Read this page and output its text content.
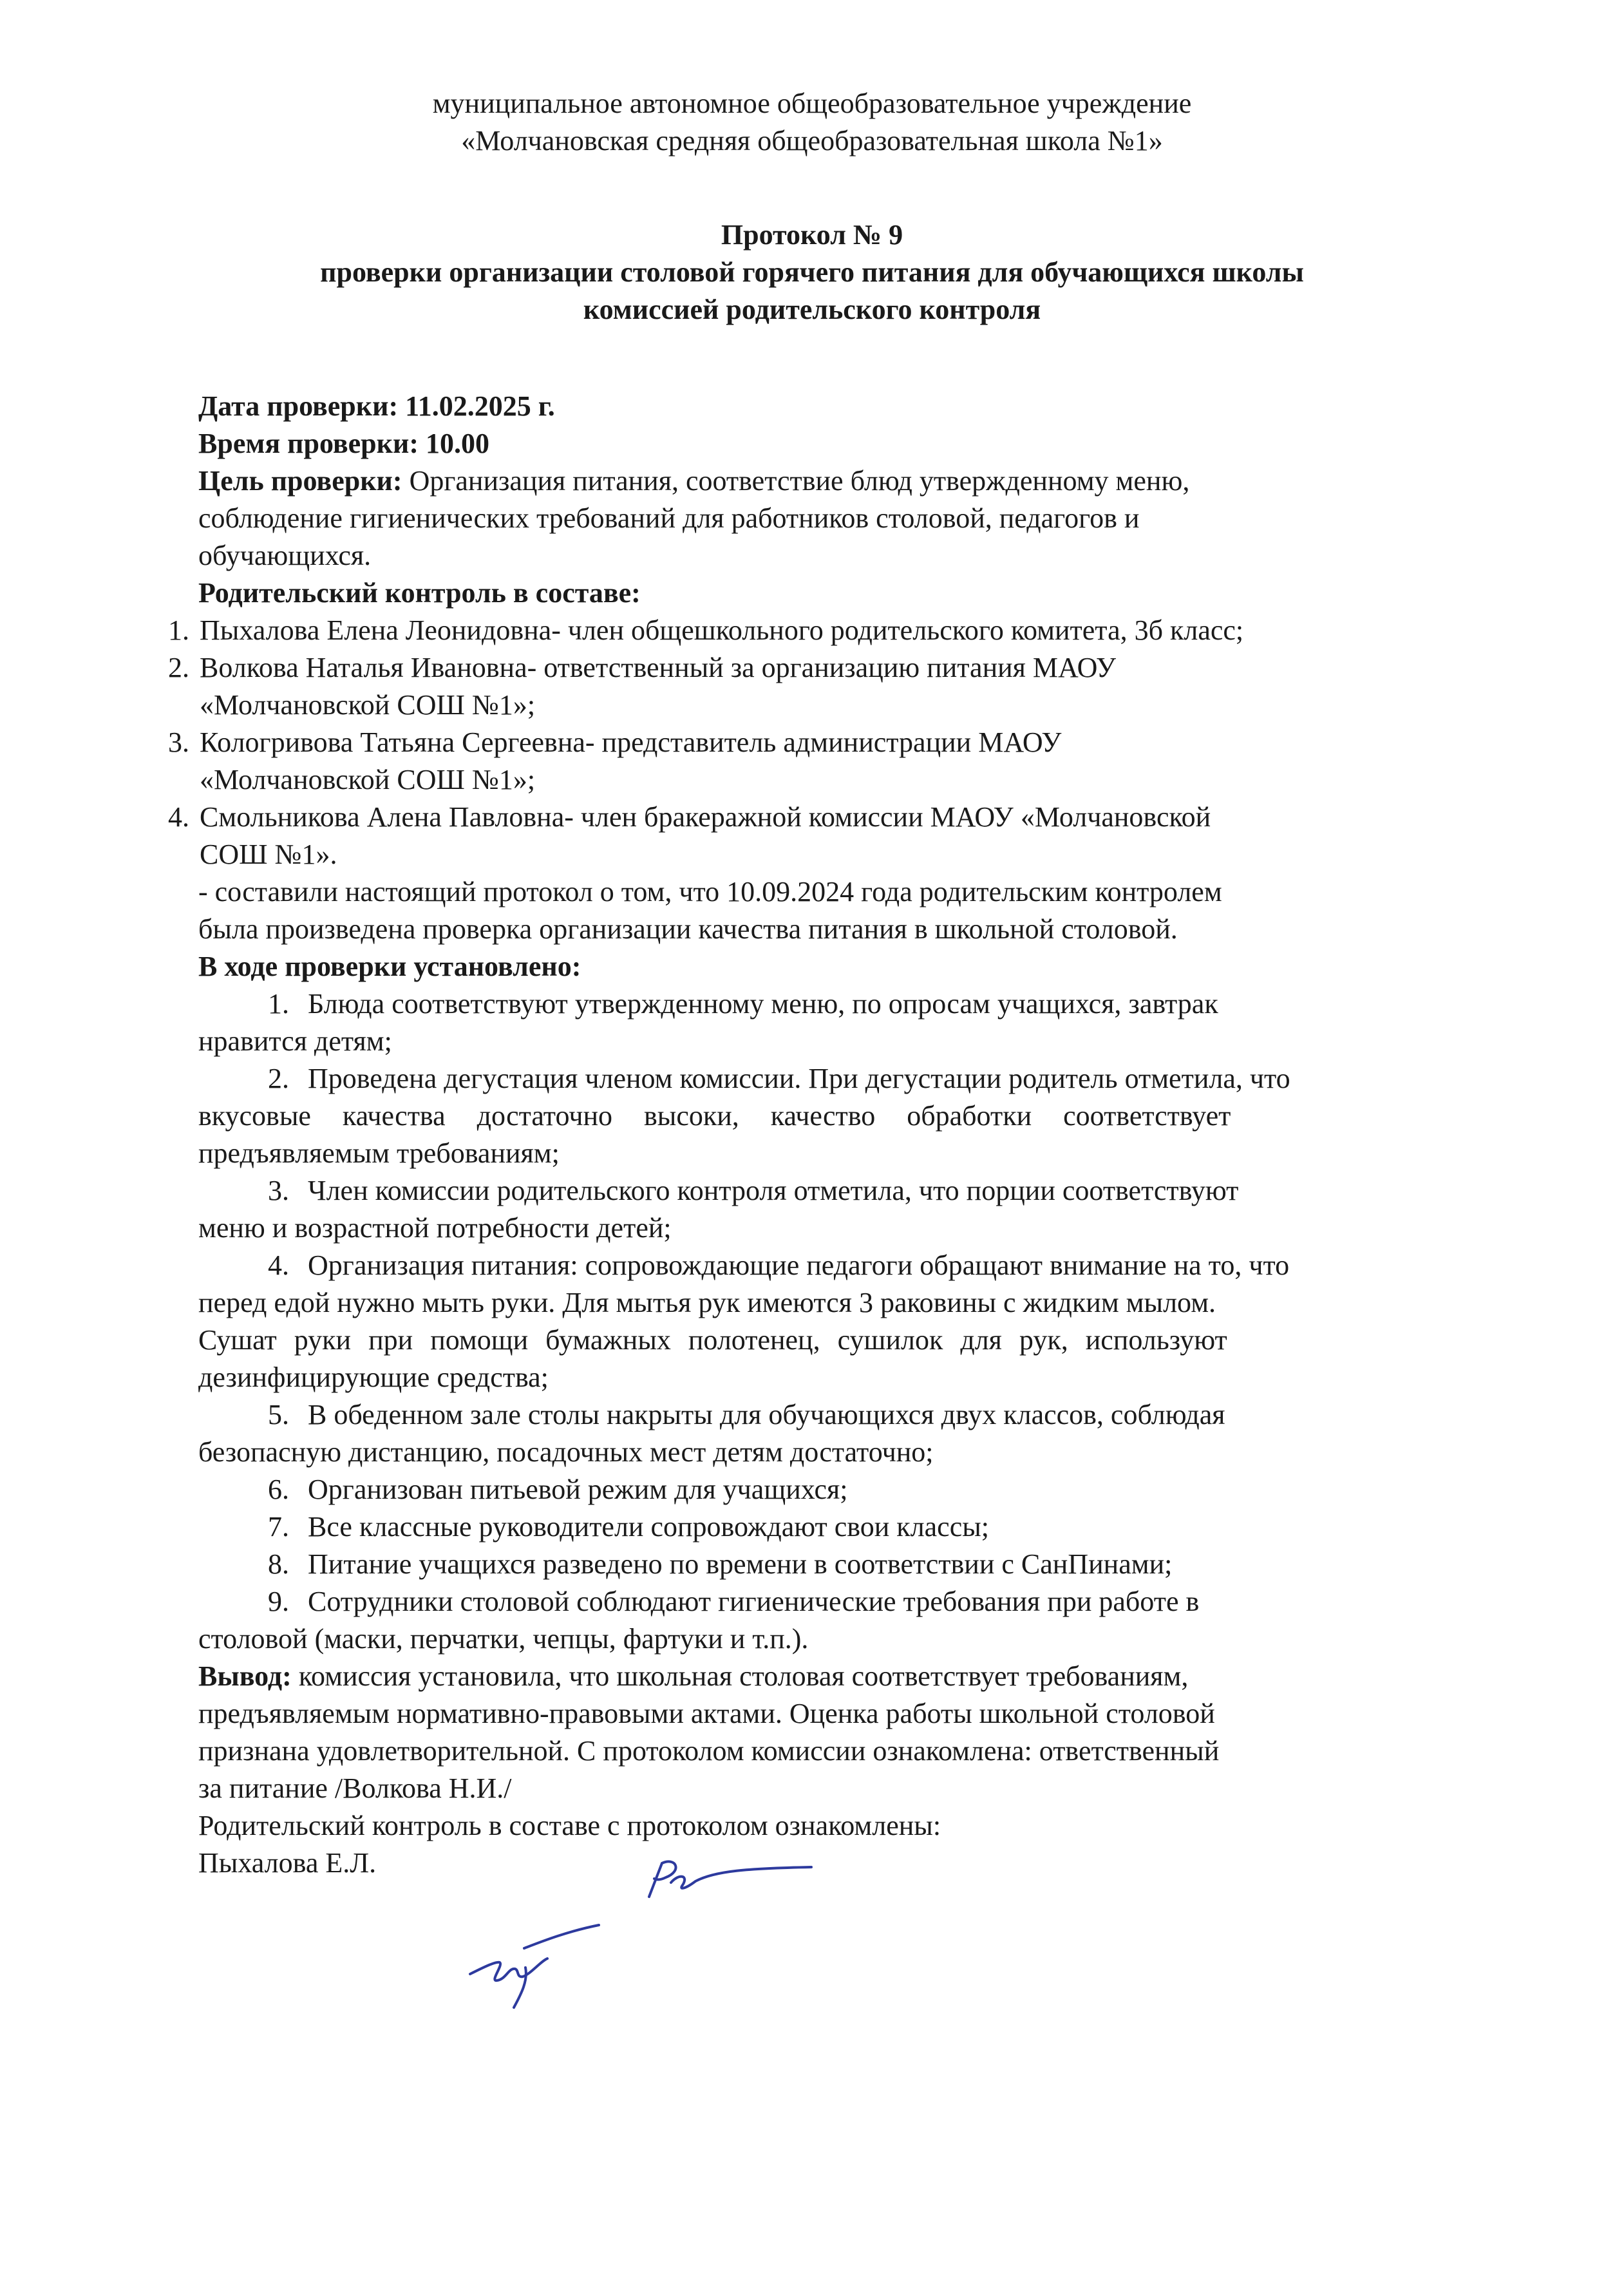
муниципальное автономное общеобразовательное учреждение
«Молчановская средняя общеобразовательная школа №1»
Протокол № 9
проверки организации столовой горячего питания для обучающихся школы
комиссией родительского контроля
Дата проверки: 11.02.2025 г.
Время проверки: 10.00
Цель проверки: Организация питания, соответствие блюд утвержденному меню,
соблюдение гигиенических требований для работников столовой, педагогов и
обучающихся.
Родительский контроль в составе:
1. Пыхалова Елена Леонидовна- член общешкольного родительского комитета, 3б класс;
2. Волкова Наталья Ивановна- ответственный за организацию питания МАОУ
«Молчановской СОШ №1»;
3. Кологривова Татьяна Сергеевна- представитель администрации МАОУ
«Молчановской СОШ №1»;
4. Смольникова Алена Павловна- член бракеражной комиссии МАОУ «Молчановской
СОШ №1».
- составили настоящий протокол о том, что 10.09.2024 года родительским контролем
была произведена проверка организации качества питания в школьной столовой.
В ходе проверки установлено:
1. Блюда соответствуют утвержденному меню, по опросам учащихся, завтрак
нравится детям;
2. Проведена дегустация членом комиссии. При дегустации родитель отметила, что
вкусовые качества достаточно высоки, качество обработки соответствует
предъявляемым требованиям;
3. Член комиссии родительского контроля отметила, что порции соответствуют
меню и возрастной потребности детей;
4. Организация питания: сопровождающие педагоги обращают внимание на то, что
перед едой нужно мыть руки. Для мытья рук имеются 3 раковины с жидким мылом.
Сушат руки при помощи бумажных полотенец, сушилок для рук, используют
дезинфицирующие средства;
5. В обеденном зале столы накрыты для обучающихся двух классов, соблюдая
безопасную дистанцию, посадочных мест детям достаточно;
6. Организован питьевой режим для учащихся;
7. Все классные руководители сопровождают свои классы;
8. Питание учащихся разведено по времени в соответствии с СанПинами;
9. Сотрудники столовой соблюдают гигиенические требования при работе в
столовой (маски, перчатки, чепцы, фартуки и т.п.).
Вывод: комиссия установила, что школьная столовая соответствует требованиям,
предъявляемым нормативно-правовыми актами. Оценка работы школьной столовой
признана удовлетворительной. С протоколом комиссии ознакомлена: ответственный
за питание /Волкова Н.И./
Родительский контроль в составе с протоколом ознакомлены:
Пыхалова Е.Л.
